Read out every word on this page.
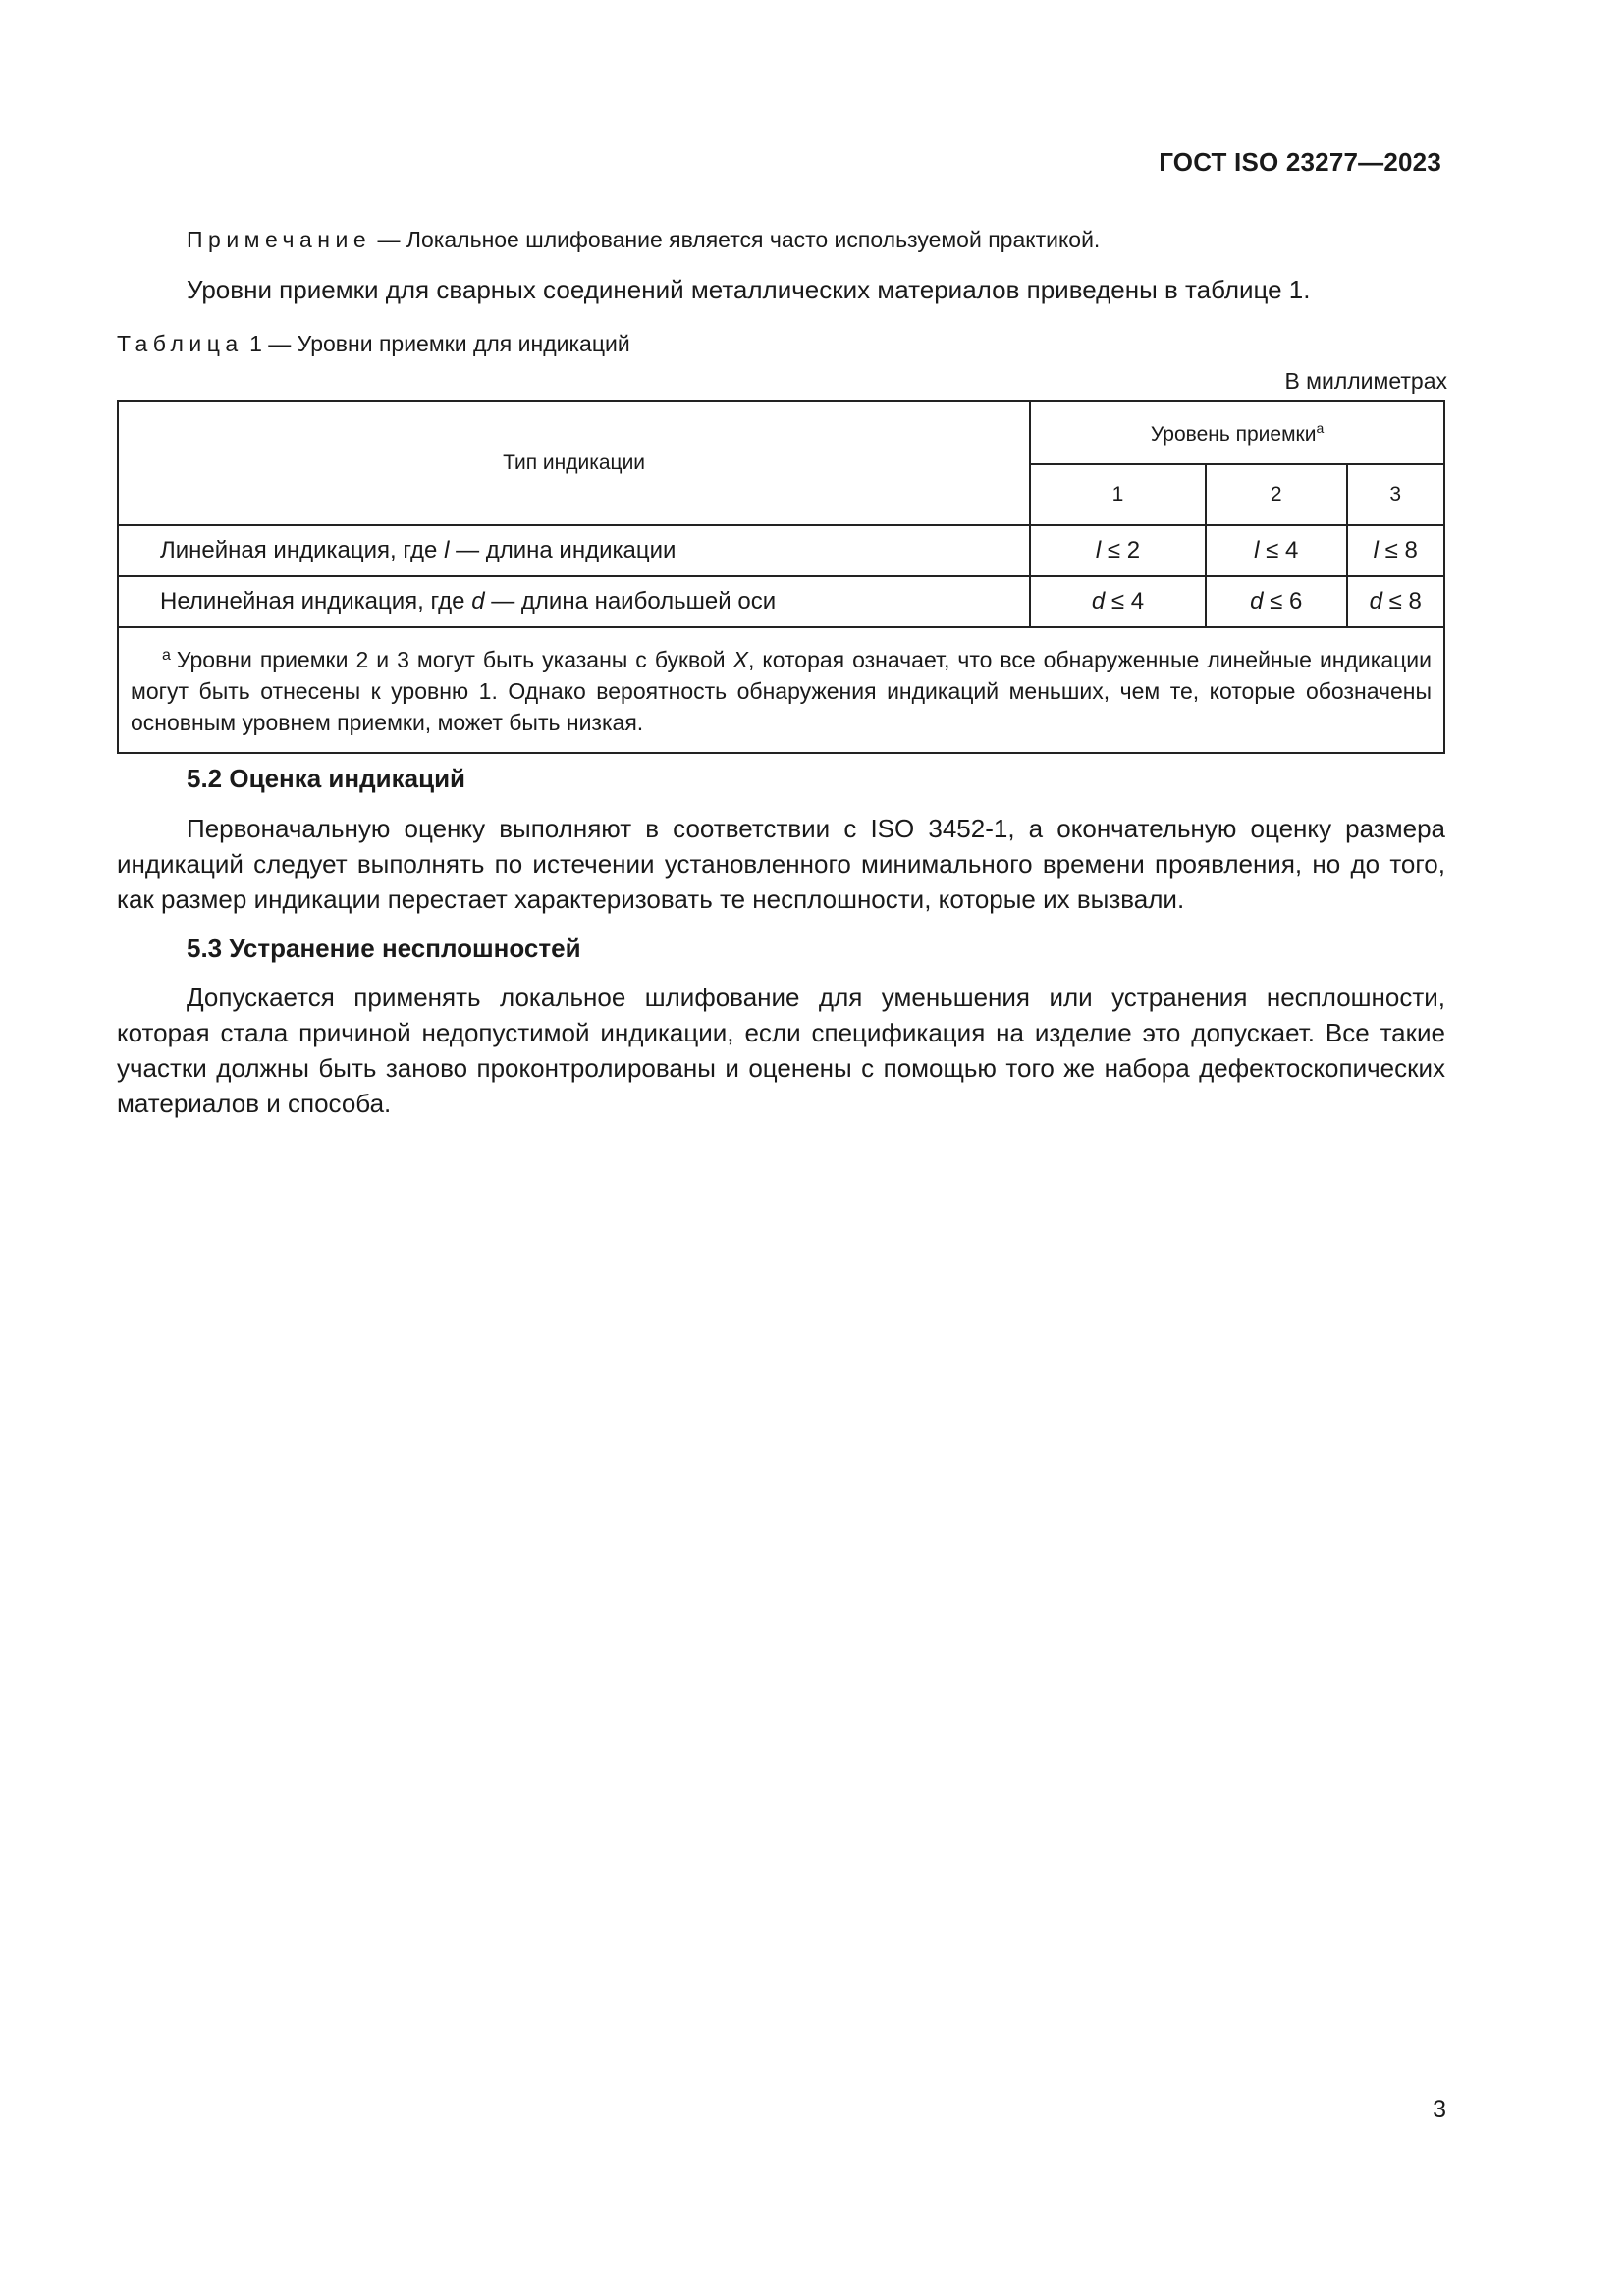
ГОСТ ISO 23277—2023
Примечание — Локальное шлифование является часто используемой практикой.
Уровни приемки для сварных соединений металлических материалов приведены в таблице 1.
Таблица 1 — Уровни приемки для индикаций
В миллиметрах
Тип индикации	Уровень приемки$^a$
	1	2	3
Линейная индикация, где l — длина индикации	l ≤ 2	l ≤ 4	l ≤ 8
Нелинейная индикация, где d — длина наибольшей оси	d ≤ 4	d ≤ 6	d ≤ 8
$^a$ Уровни приемки 2 и 3 могут быть указаны с буквой X, которая означает, что все обнаруженные линейные индикации могут быть отнесены к уровню 1. Однако вероятность обнаружения индикаций меньших, чем те, которые обозначены основным уровнем приемки, может быть низкая.			
5.2 Оценка индикаций
Первоначальную оценку выполняют в соответствии с ISO 3452-1, а окончательную оценку размера индикаций следует выполнять по истечении установленного минимального времени проявления, но до того, как размер индикации перестает характеризовать те несплошности, которые их вызвали.
5.3 Устранение несплошностей
Допускается применять локальное шлифование для уменьшения или устранения несплошности, которая стала причиной недопустимой индикации, если спецификация на изделие это допускает. Все такие участки должны быть заново проконтролированы и оценены с помощью того же набора дефектоскопических материалов и способа.
3
